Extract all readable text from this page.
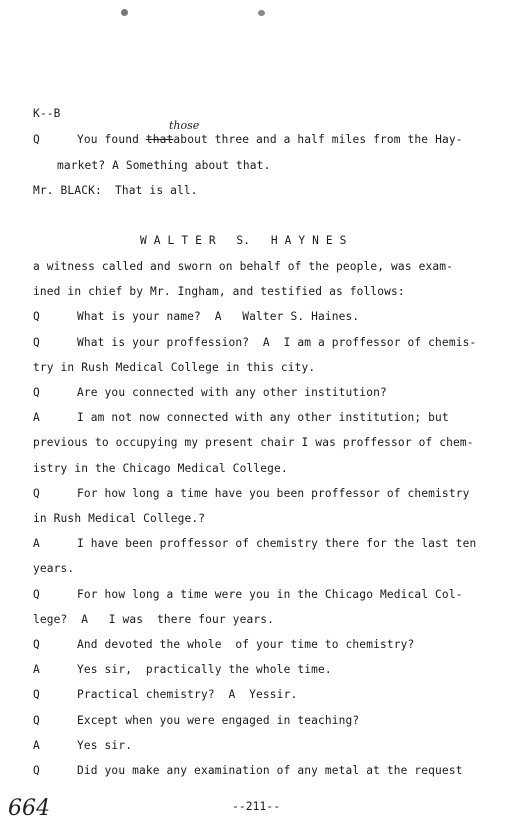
K--B
Q	You found thatabout three and a half miles from the Hay-
those
market? A Something about that.
Mr. BLACK: That is all.
W A L T E R   S.   H A Y N E S
a witness called and sworn on behalf of the people, was exam-
ined in chief by Mr. Ingham, and testified as follows:
Q	What is your name?  A   Walter S. Haines.
Q	What is your proffession?  A  I am a proffessor of chemis-
try in Rush Medical College in this city.
Q	Are you connected with any other institution?
A	I am not now connected with any other institution; but
previous to occupying my present chair I was proffessor of chem-
istry in the Chicago Medical College.
Q	For how long a time have you been proffessor of chemistry
in Rush Medical College.?
A	I have been proffessor of chemistry there for the last ten
years.
Q	For how long a time were you in the Chicago Medical Col-
lege?  A   I was  there four years.
Q	And devoted the whole  of your time to chemistry?
A	Yes sir,  practically the whole time.
Q	Practical chemistry?  A  Yessir.
Q	Except when you were engaged in teaching?
A	Yes sir.
Q	Did you make any examination of any metal at the request
664	--211--
